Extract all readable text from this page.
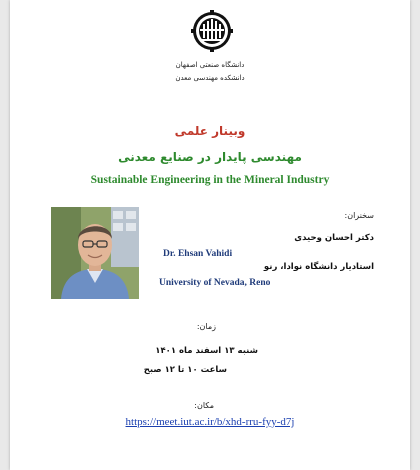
دانشگاه صنعتی اصفهان
دانشکده مهندسی معدن
وبینار علمی
مهندسی پایدار در صنایع معدنی
Sustainable Engineering in the Mineral Industry
سخنران:
دکتر احسان وحیدی
Dr. Ehsan Vahidi
استادیار دانشگاه نوادا، رنو
University of Nevada, Reno
زمان:
شنبه ۱۳ اسفند ماه ۱۴۰۱
ساعت ۱۰ تا ۱۲ صبح
مکان:
https://meet.iut.ac.ir/b/xhd-rru-fyy-d7j
